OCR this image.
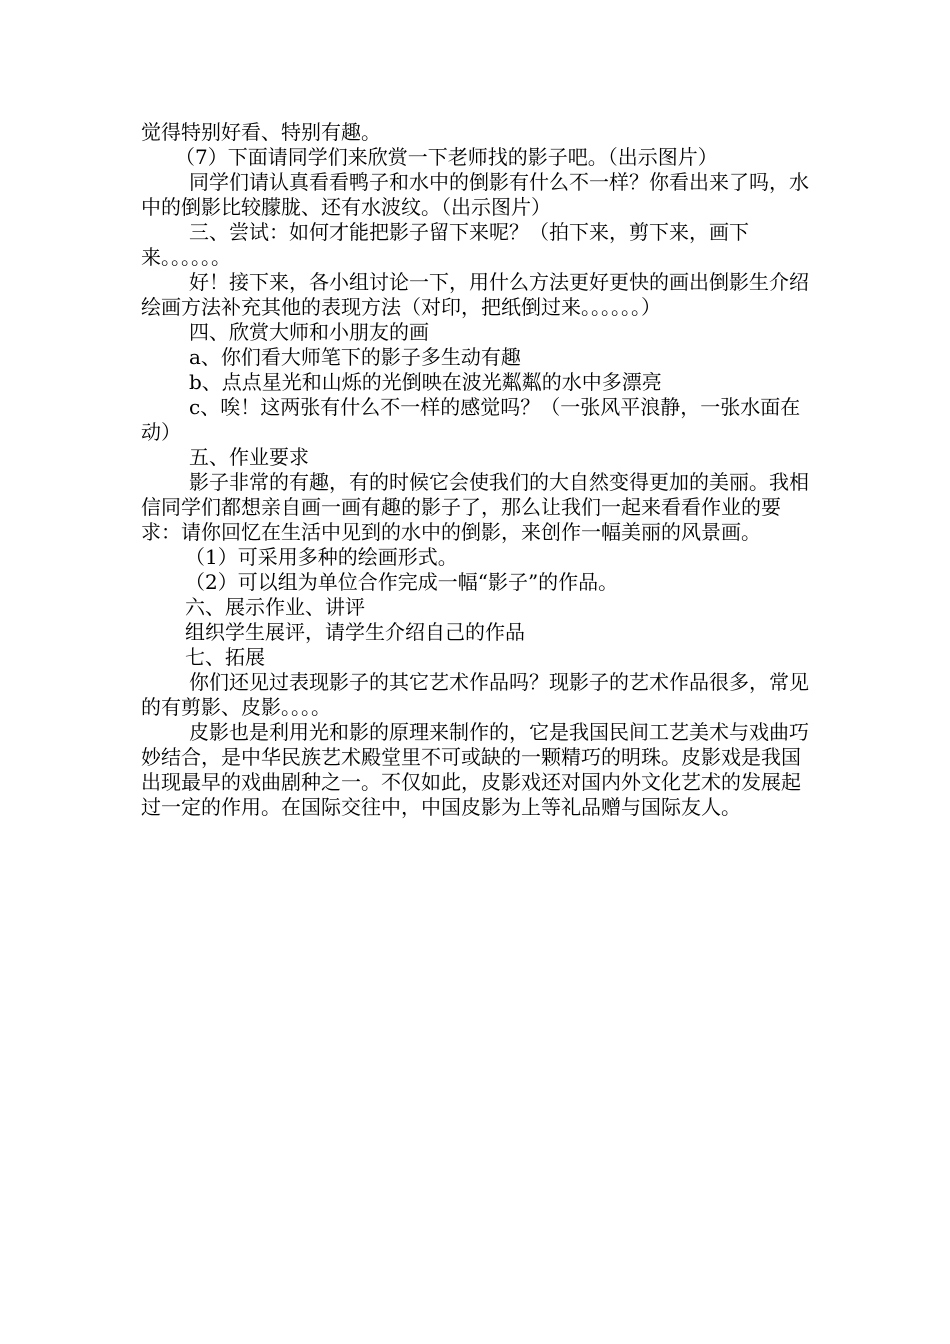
觉得特别好看、特别有趣。

（7）下面请同学们来欣赏一下老师找的影子吧。（出示图片）

同学们请认真看看鸭子和水中的倒影有什么不一样？你看出来了吗，水中的倒影比较朦胧、还有水波纹。（出示图片）

三、尝试：如何才能把影子留下来呢？（拍下来，剪下来，画下来。。。。。。

好！接下来，各小组讨论一下，用什么方法更好更快的画出倒影生介绍绘画方法补充其他的表现方法（对印，把纸倒过来。。。。。。）

四、欣赏大师和小朋友的画

a、你们看大师笔下的影子多生动有趣

b、点点星光和山烁的光倒映在波光粼粼的水中多漂亮

c、唉！这两张有什么不一样的感觉吗？（一张风平浪静，一张水面在动）

五、作业要求

影子非常的有趣，有的时候它会使我们的大自然变得更加的美丽。我相信同学们都想亲自画一画有趣的影子了，那么让我们一起来看看作业的要求：请你回忆在生活中见到的水中的倒影，来创作一幅美丽的风景画。

（1）可采用多种的绘画形式。

（2）可以组为单位合作完成一幅“影子”的作品。

六、展示作业、讲评

组织学生展评，请学生介绍自己的作品

七、拓展

你们还见过表现影子的其它艺术作品吗？现影子的艺术作品很多，常见的有剪影、皮影。。。。

皮影也是利用光和影的原理来制作的，它是我国民间工艺美术与戏曲巧妙结合，是中华民族艺术殿堂里不可或缺的一颗精巧的明珠。皮影戏是我国出现最早的戏曲剧种之一。不仅如此，皮影戏还对国内外文化艺术的发展起过一定的作用。在国际交往中，中国皮影为上等礼品赠与国际友人。
